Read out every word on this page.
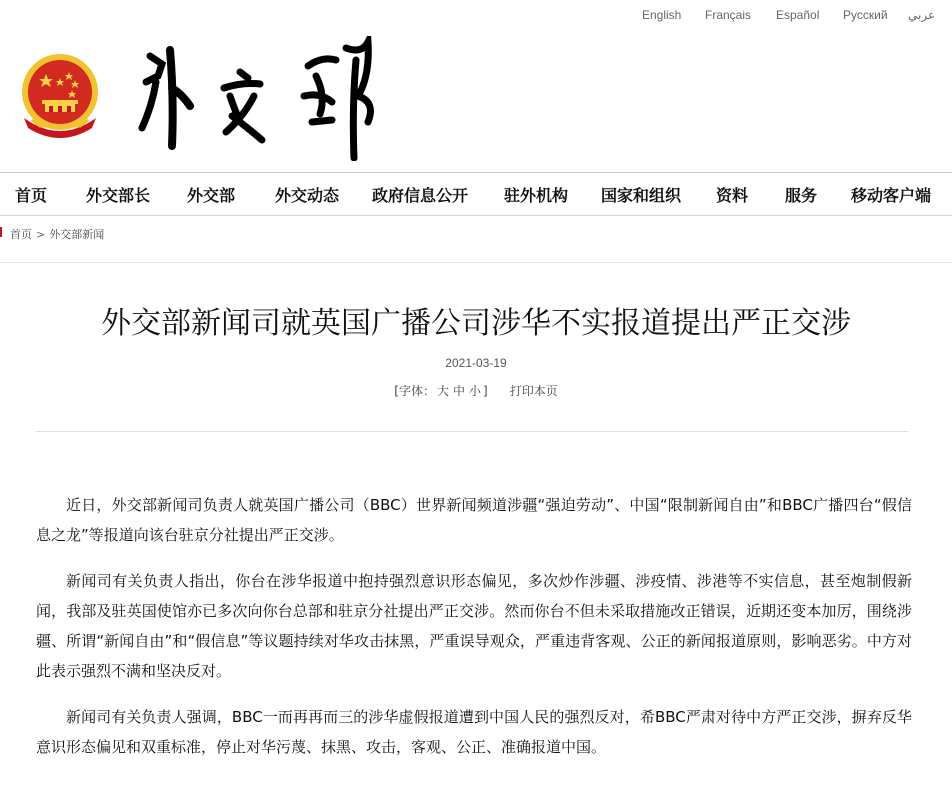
English Français Español Русский عربي
首页 外交部长 外交部 外交动态 政府信息公开 驻外机构 国家和组织 资料 服务 移动客户端
首页 > 外交部新闻
外交部新闻司就英国广播公司涉华不实报道提出严正交涉
2021-03-19
[字体： 大 中 小 ] 打印本页

近日，外交部新闻司负责人就英国广播公司（BBC）世界新闻频道涉疆“强迫劳动”、中国“限制新闻自由”和BBC广播四台“假信息之龙”等报道向该台驻京分社提出严正交涉。

新闻司有关负责人指出，你台在涉华报道中抱持强烈意识形态偏见，多次炒作涉疆、涉疫情、涉港等不实信息，甚至炮制假新闻，我部及驻英国使馆亦已多次向你台总部和驻京分社提出严正交涉。然而你台不但未采取措施改正错误，近期还变本加厉，围绕涉疆、所谓“新闻自由”和“假信息”等议题持续对华攻击抹黑，严重误导观众，严重违背客观、公正的新闻报道原则，影响恶劣。中方对此表示强烈不满和坚决反对。

新闻司有关负责人强调，BBC一而再再而三的涉华虚假报道遭到中国人民的强烈反对，希BBC严肃对待中方严正交涉，摒弃反华意识形态偏见和双重标准，停止对华污蔑、抹黑、攻击，客观、公正、准确报道中国。
